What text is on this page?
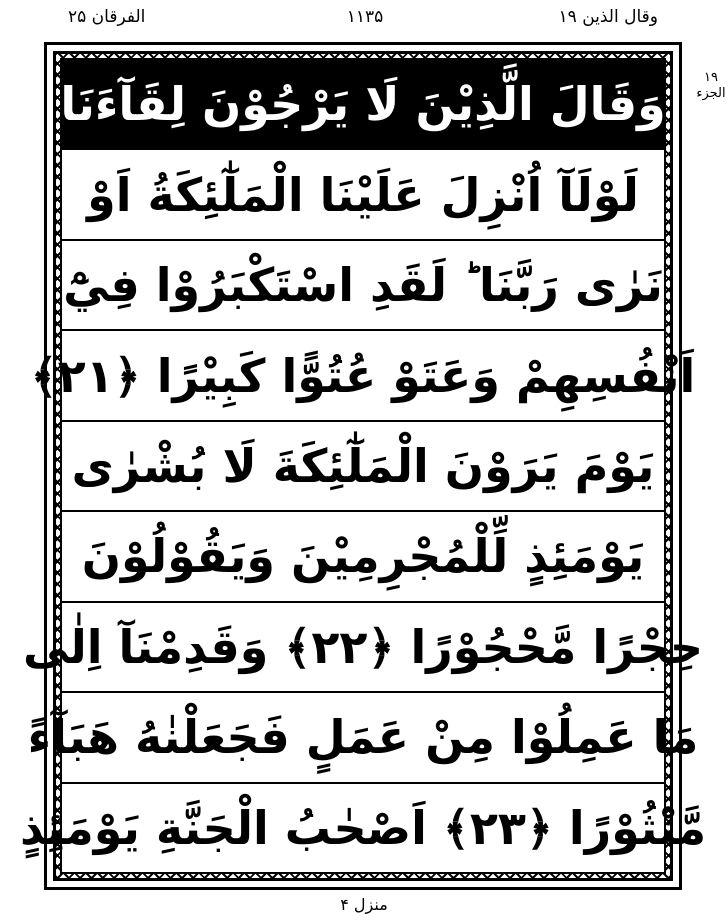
وقال الذین ۱۹
۱۱۳۵
الفرقان ۲۵
۱۹ الجزء
وَقَالَ الَّذِيْنَ لَا يَرْجُوْنَ لِقَآءَنَا
لَوْلَآ اُنْزِلَ عَلَيْنَا الْمَلٰٓئِكَةُ اَوْ
نَرٰى رَبَّنَا ؕ لَقَدِ اسْتَكْبَرُوْا فِيْٓ
اَنْفُسِهِمْ وَعَتَوْ عُتُوًّا كَبِيْرًا ﴿۲۱﴾
يَوْمَ يَرَوْنَ الْمَلٰٓئِكَةَ لَا بُشْرٰى
يَوْمَئِذٍ لِّلْمُجْرِمِيْنَ وَيَقُوْلُوْنَ
حِجْرًا مَّحْجُوْرًا ﴿۲۲﴾ وَقَدِمْنَآ اِلٰى
مَا عَمِلُوْا مِنْ عَمَلٍ فَجَعَلْنٰهُ هَبَآءً
مَّنْثُوْرًا ﴿۲۳﴾ اَصْحٰبُ الْجَنَّةِ يَوْمَئِذٍ
منزل ۴
